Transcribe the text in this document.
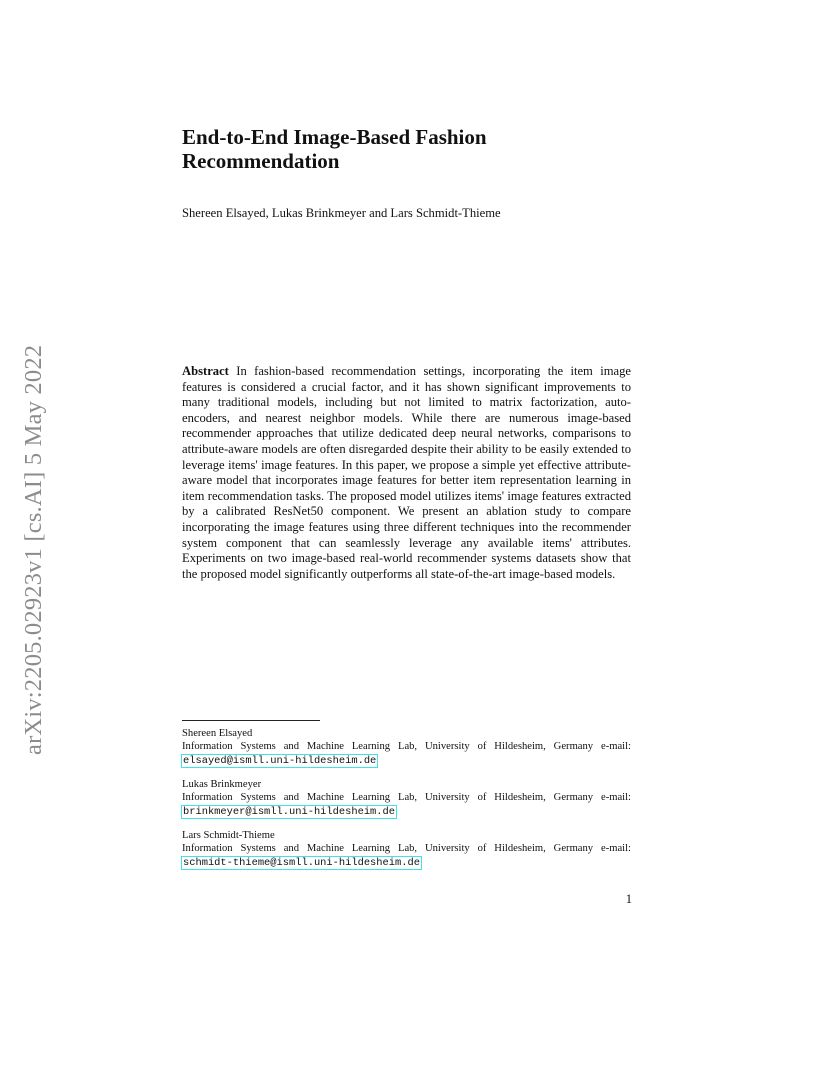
arXiv:2205.02923v1 [cs.AI] 5 May 2022
End-to-End Image-Based Fashion
Recommendation
Shereen Elsayed, Lukas Brinkmeyer and Lars Schmidt-Thieme

Abstract In fashion-based recommendation settings, incorporating the item image features is considered a crucial factor, and it has shown significant improvements to many traditional models, including but not limited to matrix factorization, auto-encoders, and nearest neighbor models. While there are numerous image-based recommender approaches that utilize dedicated deep neural networks, comparisons to attribute-aware models are often disregarded despite their ability to be easily extended to leverage items' image features. In this paper, we propose a simple yet effective attribute-aware model that incorporates image features for better item representation learning in item recommendation tasks. The proposed model utilizes items' image features extracted by a calibrated ResNet50 component. We present an ablation study to compare incorporating the image features using three different techniques into the recommender system component that can seamlessly leverage any available items' attributes. Experiments on two image-based real-world recommender systems datasets show that the proposed model significantly outperforms all state-of-the-art image-based models.

Shereen Elsayed
Information Systems and Machine Learning Lab, University of Hildesheim, Germany e-mail:
elsayed@ismll.uni-hildesheim.de
Lukas Brinkmeyer
Information Systems and Machine Learning Lab, University of Hildesheim, Germany e-mail:
brinkmeyer@ismll.uni-hildesheim.de
Lars Schmidt-Thieme
Information Systems and Machine Learning Lab, University of Hildesheim, Germany e-mail:
schmidt-thieme@ismll.uni-hildesheim.de
1
